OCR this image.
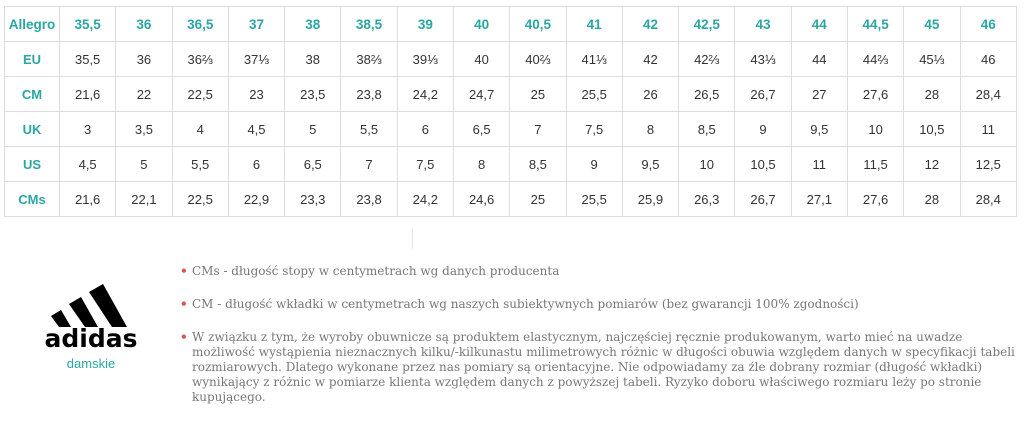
Allegro	35,5	36	36,5	37	38	38,5	39	40	40,5	41	42	42,5	43	44	44,5	45	46
EU	35,5	36	36⅔	37⅓	38	38⅔	39⅓	40	40⅔	41⅓	42	42⅔	43⅓	44	44⅔	45⅓	46
CM	21,6	22	22,5	23	23,5	23,8	24,2	24,7	25	25,5	26	26,5	26,7	27	27,6	28	28,4
UK	3	3,5	4	4,5	5	5,5	6	6,5	7	7,5	8	8,5	9	9,5	10	10,5	11
US	4,5	5	5,5	6	6,5	7	7,5	8	8,5	9	9,5	10	10,5	11	11,5	12	12,5
CMs	21,6	22,1	22,5	22,9	23,3	23,8	24,2	24,6	25	25,5	25,9	26,3	26,7	27,1	27,6	28	28,4
adidas
damskie
• CMs - długość stopy w centymetrach wg danych producenta
• CM - długość wkładki w centymetrach wg naszych subiektywnych pomiarów (bez gwarancji 100% zgodności)
• W związku z tym, że wyroby obuwnicze są produktem elastycznym, najczęściej ręcznie produkowanym, warto mieć na uwadze możliwość wystąpienia nieznacznych kilku/-kilkunastu milimetrowych różnic w długości obuwia względem danych w specyfikacji tabeli rozmiarowych. Dlatego wykonane przez nas pomiary są orientacyjne. Nie odpowiadamy za źle dobrany rozmiar (długość wkładki) wynikający z różnic w pomiarze klienta względem danych z powyższej tabeli. Ryzyko doboru właściwego rozmiaru leży po stronie kupującego.
